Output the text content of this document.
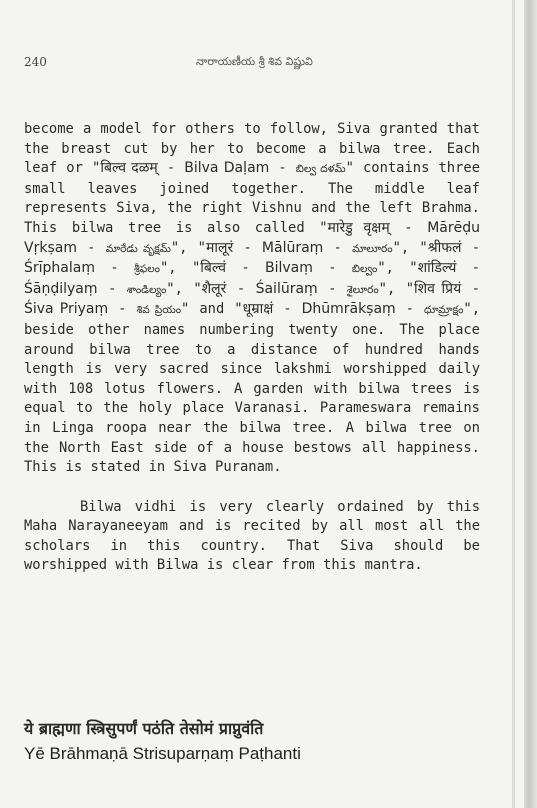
240	నారాయణీయ శ్రీ శివ విష్ణువి

become a model for others to follow, Siva granted that the breast cut by her to become a bilwa tree. Each leaf or "बिल्व दळम् - Bilva Daḷam - బిల్వ దళమ్" contains three small leaves joined together. The middle leaf represents Siva, the right Vishnu and the left Brahma. This bilwa tree is also called "मारेडु वृक्षम् - Mārēḍu Vṛkṣam - మారేడు వృక్షమ్", "मालूरं - Mālūraṃ - మాలూరం", "श्रीफलं - Śrīphalaṃ - శ్రీఫలం", "बिल्वं - Bilvaṃ - బిల్వం", "शांडिल्यं - Śāṇḍilyaṃ - శాండిల్యం", "शैलूरं - Śailūraṃ - శైలూరం", "शिव प्रियं - Śiva Priyaṃ - శివ ప్రియం" and "धूम्राक्षं - Dhūmrākṣaṃ - ధూమ్రాక్షం", beside other names numbering twenty one. The place around bilwa tree to a distance of hundred hands length is very sacred since lakshmi worshipped daily with 108 lotus flowers. A garden with bilwa trees is equal to the holy place Varanasi. Parameswara remains in Linga roopa near the bilwa tree. A bilwa tree on the North East side of a house bestows all happiness. This is stated in Siva Puranam.

Bilwa vidhi is very clearly ordained by this Maha Narayaneeyam and is recited by all most all the scholars in this country. That Siva should be worshipped with Bilwa is clear from this mantra.

ये ब्राह्मणा स्त्रिसुपर्णं पठंति तेसोमं प्राप्नुवंति
Yē Brāhmaṇā Strisuparṇaṃ Paṭhanti
